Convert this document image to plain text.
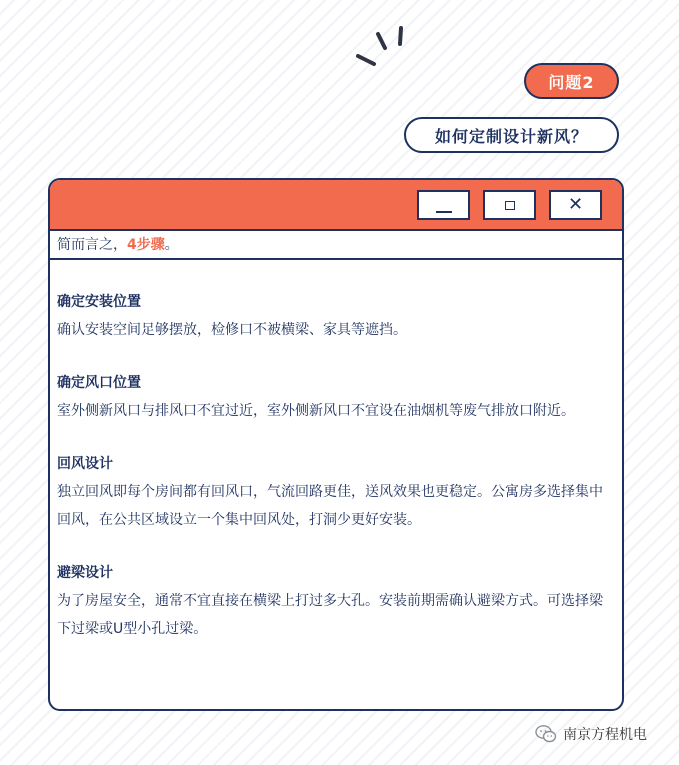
问题2
如何定制设计新风？
✕
简而言之，4步骤。
确定安装位置
确认安装空间足够摆放，检修口不被横梁、家具等遮挡。
确定风口位置
室外侧新风口与排风口不宜过近，室外侧新风口不宜设在油烟机等废气排放口附近。
回风设计
独立回风即每个房间都有回风口，气流回路更佳，送风效果也更稳定。公寓房多选择集中回风，在公共区域设立一个集中回风处，打洞少更好安装。
避梁设计
为了房屋安全，通常不宜直接在横梁上打过多大孔。安装前期需确认避梁方式。可选择梁下过梁或U型小孔过梁。
南京方程机电
